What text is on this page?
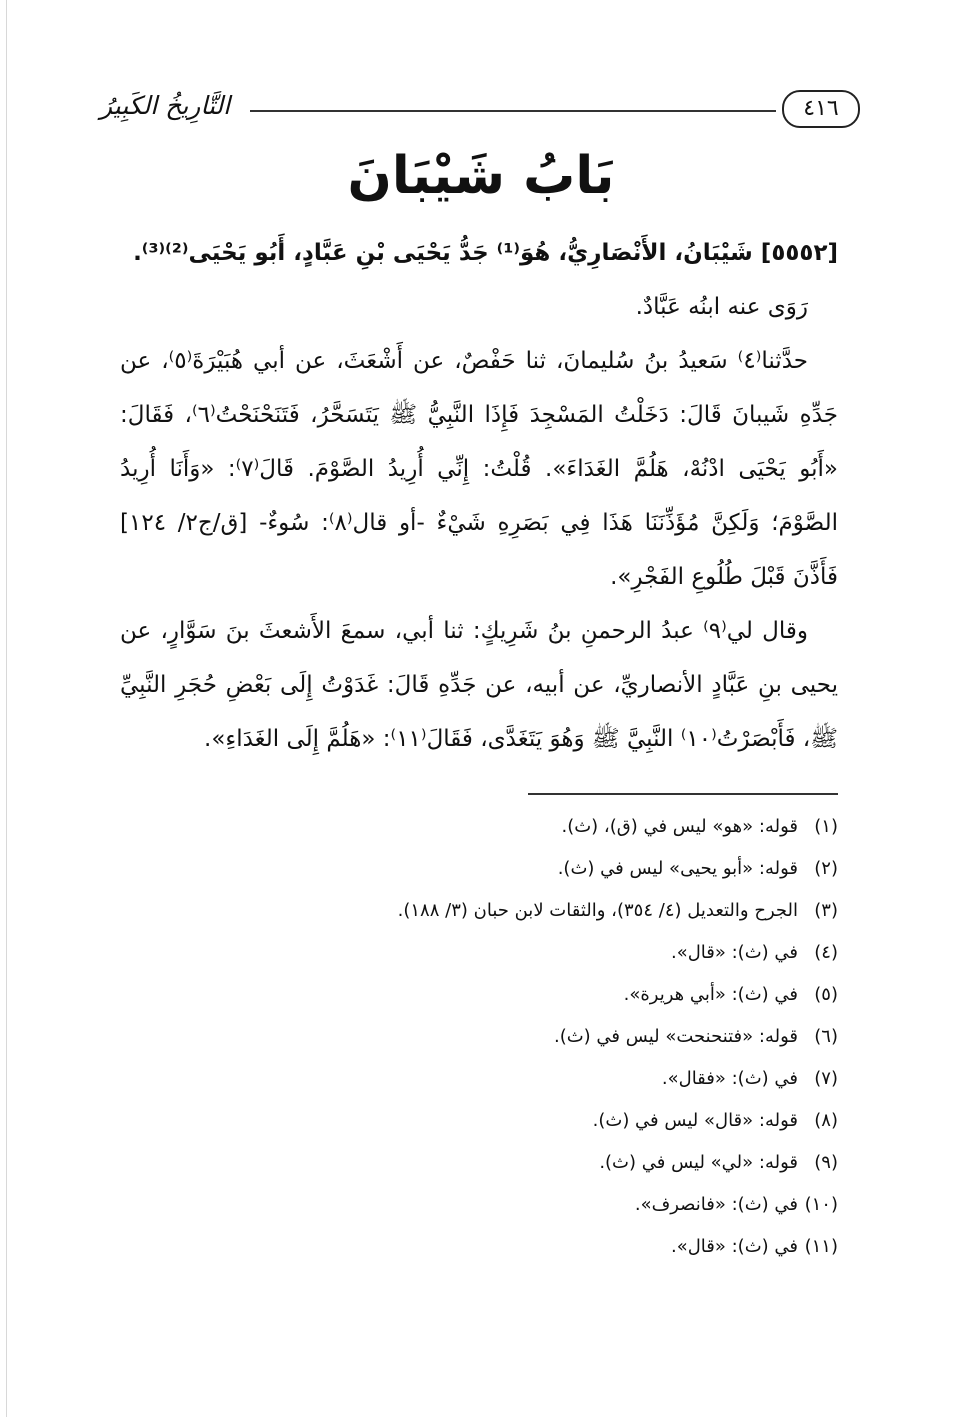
٤١٦
التَّارِيخُ الكَبِيرُ
بَابُ شَيْبَانَ

[٥٥٥٢] شَيْبَانُ، الأَنْصَارِيُّ، هُوَ⁽¹⁾ جَدُّ يَحْيَى بْنِ عَبَّادٍ، أَبُو يَحْيَى⁽²⁾⁽³⁾.

رَوَى عنه ابنُه عَبَّادٌ.

حدَّثنا⁽٤⁾ سَعيدُ بنُ سُليمانَ، ثنا حَفْصٌ، عن أَشْعَثَ، عن أبي هُبَيْرَةَ⁽٥⁾، عن جَدِّهِ شَيبانَ قَالَ: دَخَلْتُ المَسْجِدَ فَإِذَا النَّبِيُّ ﷺ يَتَسَحَّرُ، فَتَنَحْنَحْتُ⁽٦⁾، فَقَالَ: «أَبُو يَحْيَى ادْنُهْ، هَلُمَّ الغَدَاءَ». قُلْتُ: إِنِّي أُرِيدُ الصَّوْمَ. قَالَ⁽٧⁾: «وَأَنَا أُرِيدُ الصَّوْمَ؛ وَلَكِنَّ مُؤَذِّنَنَا هَذَا فِي بَصَرِهِ شَيْءٌ -أو قال⁽٨⁾: سُوءٌ- [ق/ج٢/ ١٢٤] فَأَذَّنَ قَبْلَ طُلُوعِ الفَجْرِ».

وقال لي⁽٩⁾ عبدُ الرحمنِ بنُ شَرِيكٍ: ثنا أبي، سمعَ الأَشعثَ بنَ سَوَّارٍ، عن يحيى بنِ عَبَّادٍ الأنصاريِّ، عن أبيه، عن جَدِّهِ قَالَ: غَدَوْتُ إِلَى بَعْضِ حُجَرِ النَّبِيِّ ﷺ، فَأَبْصَرْتُ⁽١٠⁾ النَّبِيَّ ﷺ وَهُوَ يَتَغَدَّى، فَقَالَ⁽١١⁾: «هَلُمَّ إِلَى الغَدَاءِ».

(١)
قوله: «هو» ليس في (ق)، (ث).
(٢)
قوله: «أبو يحيى» ليس في (ث).
(٣)
الجرح والتعديل (٤/ ٣٥٤)، والثقات لابن حبان (٣/ ١٨٨).
(٤)
في (ث): «قال».
(٥)
في (ث): «أبي هريرة».
(٦)
قوله: «فتنحنحت» ليس في (ث).
(٧)
في (ث): «فقال».
(٨)
قوله: «قال» ليس في (ث).
(٩)
قوله: «لي» ليس في (ث).
(١٠)
في (ث): «فانصرف».
(١١)
في (ث): «قال».
